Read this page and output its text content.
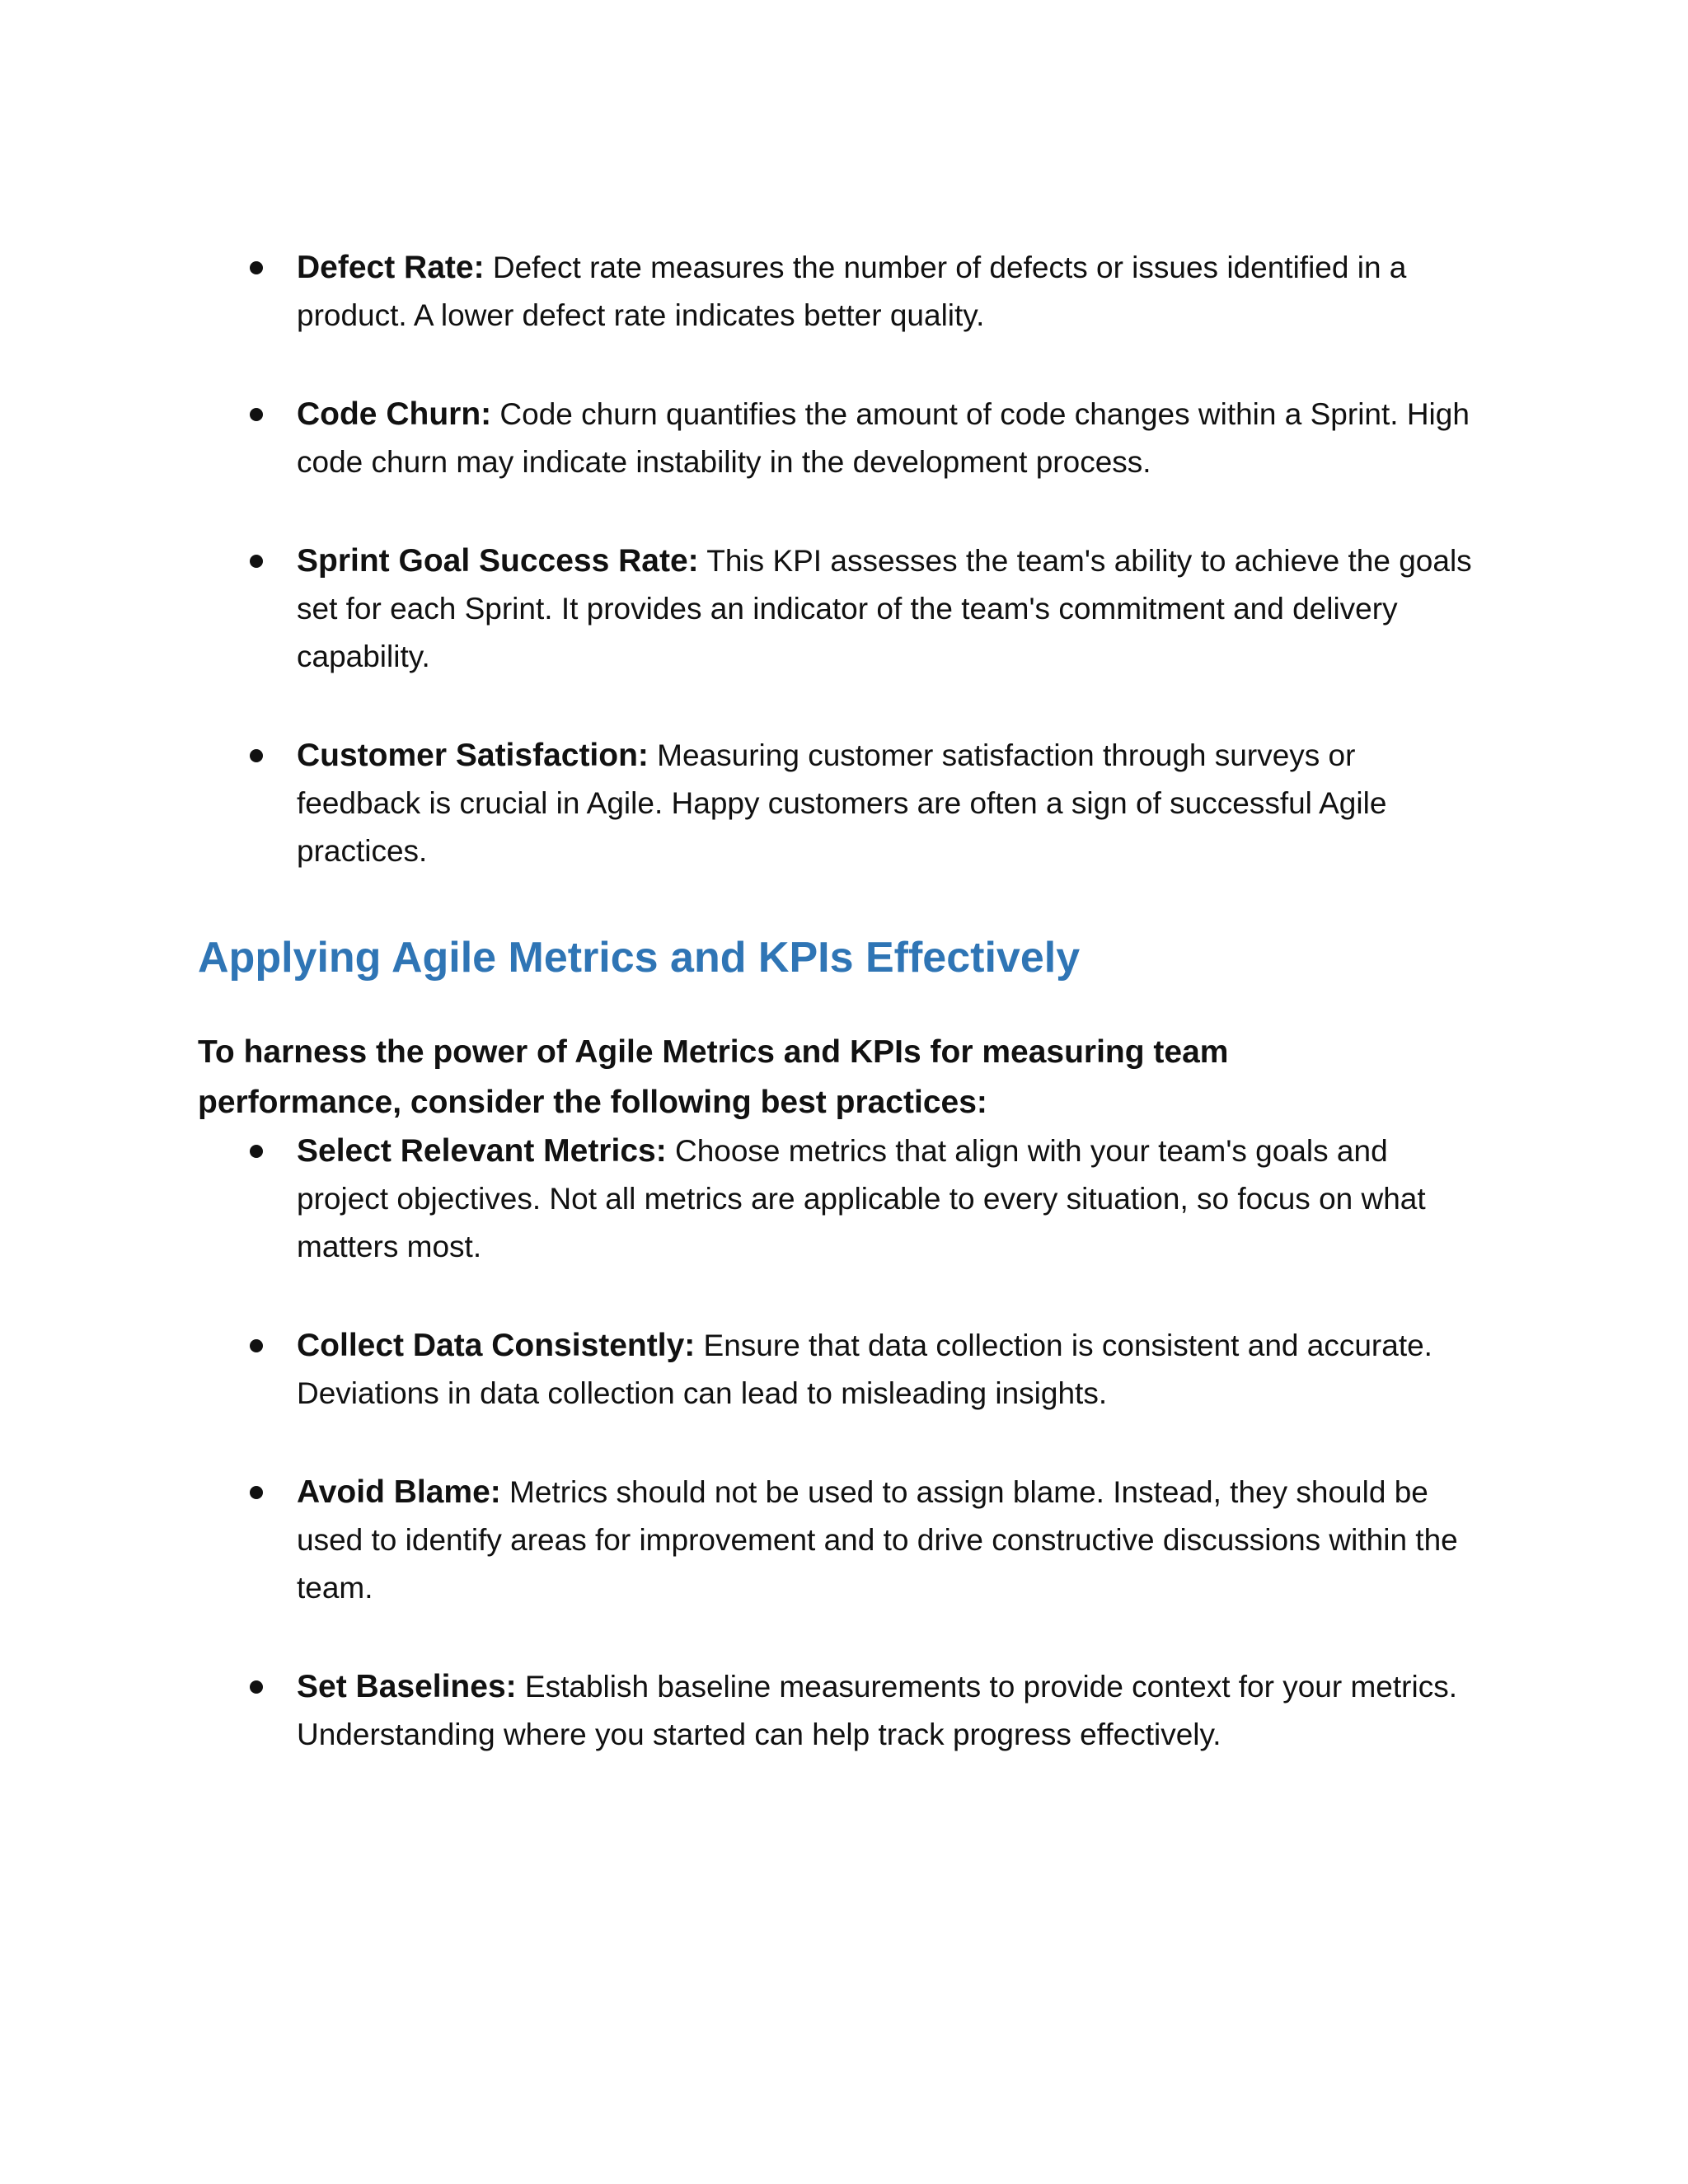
Defect Rate: Defect rate measures the number of defects or issues identified in a product. A lower defect rate indicates better quality.
Code Churn: Code churn quantifies the amount of code changes within a Sprint. High code churn may indicate instability in the development process.
Sprint Goal Success Rate: This KPI assesses the team's ability to achieve the goals set for each Sprint. It provides an indicator of the team's commitment and delivery capability.
Customer Satisfaction: Measuring customer satisfaction through surveys or feedback is crucial in Agile. Happy customers are often a sign of successful Agile practices.
Applying Agile Metrics and KPIs Effectively

To harness the power of Agile Metrics and KPIs for measuring team performance, consider the following best practices:

Select Relevant Metrics: Choose metrics that align with your team's goals and project objectives. Not all metrics are applicable to every situation, so focus on what matters most.
Collect Data Consistently: Ensure that data collection is consistent and accurate. Deviations in data collection can lead to misleading insights.
Avoid Blame: Metrics should not be used to assign blame. Instead, they should be used to identify areas for improvement and to drive constructive discussions within the team.
Set Baselines: Establish baseline measurements to provide context for your metrics. Understanding where you started can help track progress effectively.
